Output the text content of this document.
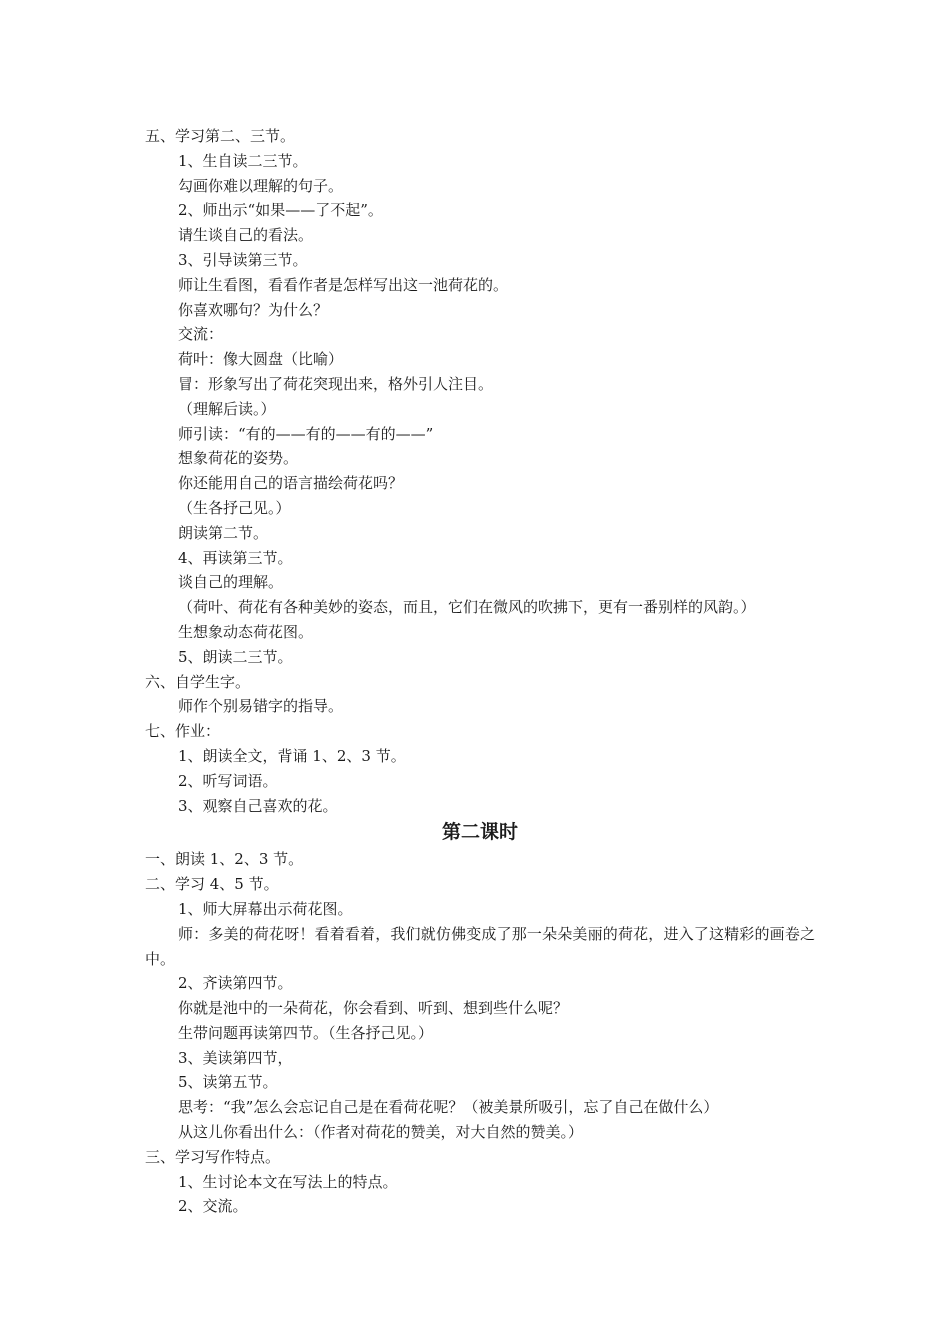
五、学习第二、三节。
1、生自读二三节。
勾画你难以理解的句子。
2、师出示“如果——了不起”。
请生谈自己的看法。
3、引导读第三节。
师让生看图，看看作者是怎样写出这一池荷花的。
你喜欢哪句？为什么？
交流：
荷叶：像大圆盘（比喻）
冒：形象写出了荷花突现出来，格外引人注目。
（理解后读。）
师引读：“有的——有的——有的——”
想象荷花的姿势。
你还能用自己的语言描绘荷花吗？
（生各抒己见。）
朗读第二节。
4、再读第三节。
谈自己的理解。
（荷叶、荷花有各种美妙的姿态，而且，它们在微风的吹拂下，更有一番别样的风韵。）
生想象动态荷花图。
5、朗读二三节。
六、自学生字。
师作个别易错字的指导。
七、作业：
1、朗读全文，背诵 1、2、3 节。
2、听写词语。
3、观察自己喜欢的花。
第二课时
一、朗读 1、2、3 节。
二、学习 4、5 节。
1、师大屏幕出示荷花图。

师：多美的荷花呀！看着看着，我们就仿佛变成了那一朵朵美丽的荷花，进入了这精彩的画卷之中。

2、齐读第四节。
你就是池中的一朵荷花，你会看到、听到、想到些什么呢？
生带问题再读第四节。（生各抒己见。）
3、美读第四节，
5、读第五节。
思考：“我”怎么会忘记自己是在看荷花呢？（被美景所吸引，忘了自己在做什么）
从这儿你看出什么：（作者对荷花的赞美，对大自然的赞美。）
三、学习写作特点。
1、生讨论本文在写法上的特点。
2、交流。
